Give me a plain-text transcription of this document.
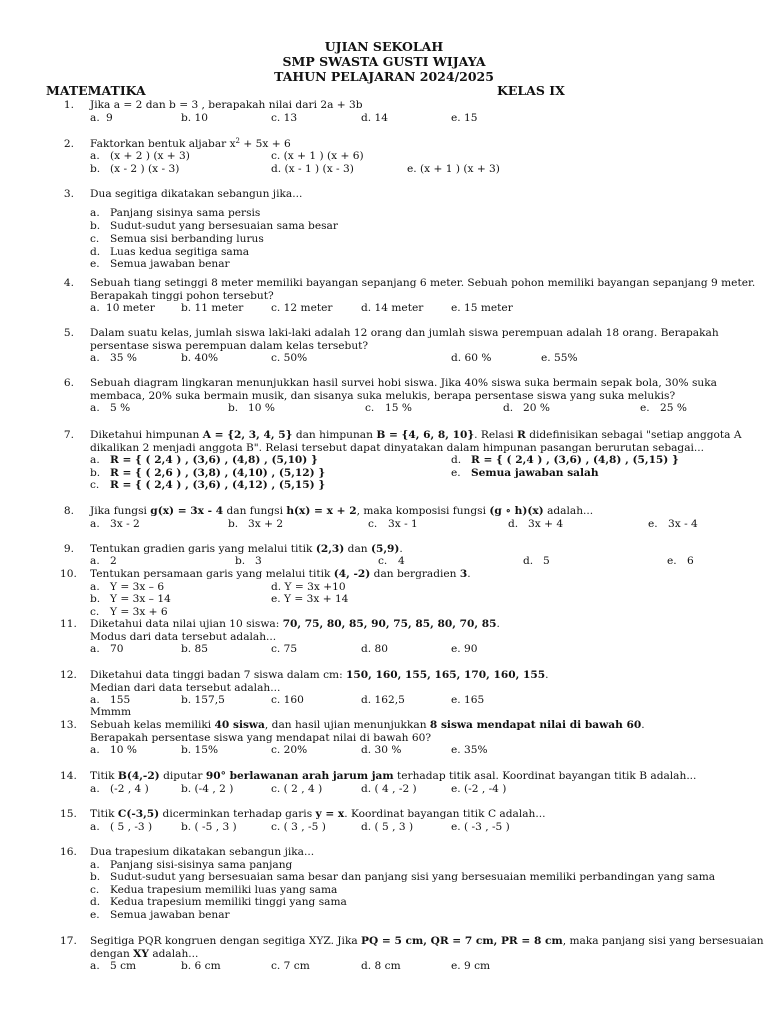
UJIAN SEKOLAH
SMP SWASTA GUSTI WIJAYA
TAHUN PELAJARAN 2024/2025
MATEMATIKA	KELAS IX
1. Jika a = 2 dan b = 3 , berapakah nilai dari 2a + 3b
a. 9	b. 10	c. 13	d. 14	e. 15
2. Faktorkan bentuk aljabar $x^2 + 5x + 6$
a. (x + 2 ) (x + 3)
b. (x - 2 ) (x - 3)
c. (x + 1 ) (x + 6)
d. (x - 1 ) (x - 3)	e. (x + 1 ) (x + 3)
3. Dua segitiga dikatakan sebangun jika...
a. Panjang sisinya sama persis
b. Sudut-sudut yang bersesuaian sama besar
c. Semua sisi berbanding lurus
d. Luas kedua segitiga sama
e. Semua jawaban benar
4. Sebuah tiang setinggi 8 meter memiliki bayangan sepanjang 6 meter. Sebuah pohon memiliki bayangan sepanjang 9 meter.
Berapakah tinggi pohon tersebut?
a. 10 meter b. 11 meter	c. 12 meter	d. 14 meter	e. 15 meter
5. Dalam suatu kelas, jumlah siswa laki-laki adalah 12 orang dan jumlah siswa perempuan adalah 18 orang. Berapakah
persentase siswa perempuan dalam kelas tersebut?
a. 35 %	b. 40%	c. 50%	d. 60 %	e. 55%
6. Sebuah diagram lingkaran menunjukkan hasil survei hobi siswa. Jika 40% siswa suka bermain sepak bola, 30% suka
membaca, 20% suka bermain musik, dan sisanya suka melukis, berapa persentase siswa yang suka melukis?
a. 5 %	b. 10 %	c. 15 %	d. 20 %	e. 25 %
7. Diketahui himpunan A = {2, 3, 4, 5} dan himpunan B = {4, 6, 8, 10}. Relasi R didefinisikan sebagai "setiap anggota A
dikalikan 2 menjadi anggota B". Relasi tersebut dapat dinyatakan dalam himpunan pasangan berurutan sebagai...
a. R = { ( 2,4 ) , (3,6) , (4,8) , (5,10) }
b. R = { ( 2,6 ) , (3,8) , (4,10) , (5,12) }
c. R = { ( 2,4 ) , (3,6) , (4,12) , (5,15) }
d. R = { ( 2,4 ) , (3,6) , (4,8) , (5,15) }
e. Semua jawaban salah
8. Jika fungsi g(x) = 3x - 4 dan fungsi h(x) = x + 2, maka komposisi fungsi (g ∘ h)(x) adalah...
a. 3x - 2	b. 3x + 2	c. 3x - 1	d. 3x + 4	e. 3x - 4
9. Tentukan gradien garis yang melalui titik (2,3) dan (5,9).
a. 2	b. 3	c. 4	d. 5	e. 6
10. Tentukan persamaan garis yang melalui titik (4, -2) dan bergradien 3.
a. Y = 3x – 6
b. Y = 3x – 14
c. Y = 3x + 6
d. Y = 3x +10
e. Y = 3x + 14
11. Diketahui data nilai ujian 10 siswa: 70, 75, 80, 85, 90, 75, 85, 80, 70, 85.
Modus dari data tersebut adalah...
a. 70	b. 85	c. 75	d. 80	e. 90
12. Diketahui data tinggi badan 7 siswa dalam cm: 150, 160, 155, 165, 170, 160, 155.
Median dari data tersebut adalah...
a. 155	b. 157,5	c. 160	d. 162,5	e. 165
Mmmm
13. Sebuah kelas memiliki 40 siswa, dan hasil ujian menunjukkan 8 siswa mendapat nilai di bawah 60.
Berapakah persentase siswa yang mendapat nilai di bawah 60?
a. 10 %	b. 15%	c. 20%	d. 30 %	e. 35%
14. Titik B(4,-2) diputar 90° berlawanan arah jarum jam terhadap titik asal. Koordinat bayangan titik B adalah...
a. (-2 , 4 )	b. (-4 , 2 )	c. ( 2 , 4 )	d. ( 4 , -2 )	e. (-2 , -4 )
15. Titik C(-3,5) dicerminkan terhadap garis y = x. Koordinat bayangan titik C adalah...
a. ( 5 , -3 )	b. ( -5 , 3 )	c. ( 3 , -5 )	d. ( 5 , 3 )	e. ( -3 , -5 )
16. Dua trapesium dikatakan sebangun jika...
a. Panjang sisi-sisinya sama panjang
b. Sudut-sudut yang bersesuaian sama besar dan panjang sisi yang bersesuaian memiliki perbandingan yang sama
c. Kedua trapesium memiliki luas yang sama
d. Kedua trapesium memiliki tinggi yang sama
e. Semua jawaban benar
17. Segitiga PQR kongruen dengan segitiga XYZ. Jika PQ = 5 cm, QR = 7 cm, PR = 8 cm, maka panjang sisi yang bersesuaian
dengan XY adalah...
a. 5 cm	b. 6 cm	c. 7 cm	d. 8 cm	e. 9 cm
